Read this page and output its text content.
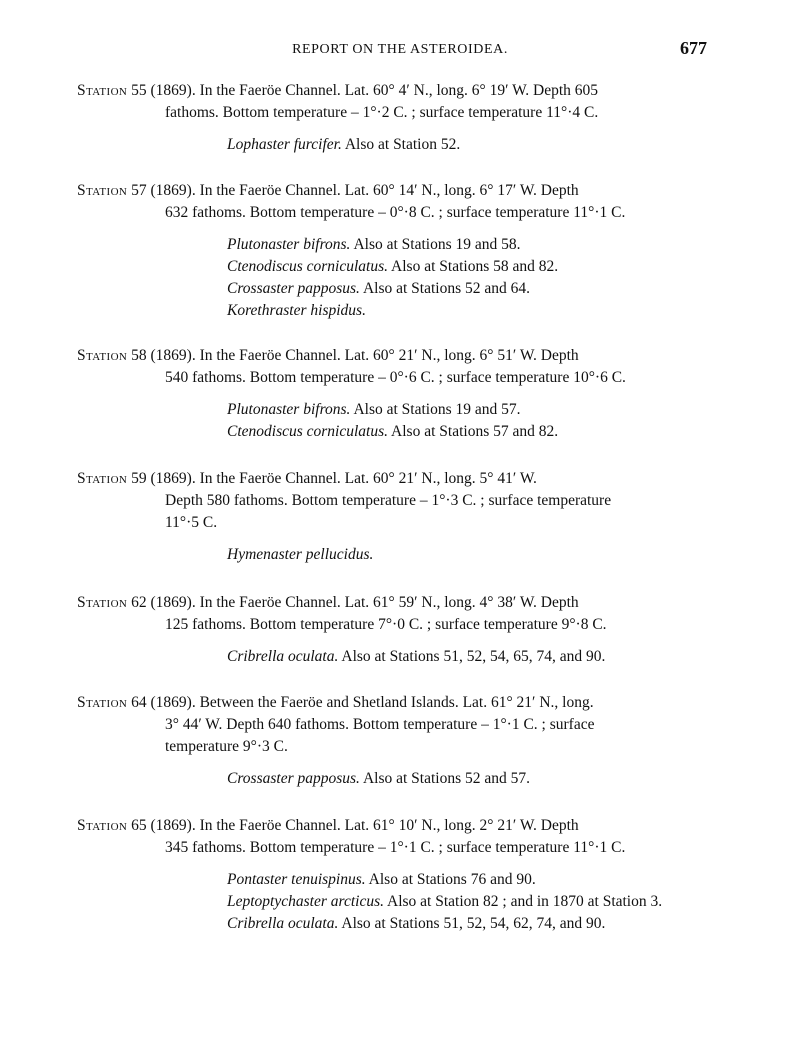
REPORT ON THE ASTEROIDEA.	677

Station 55 (1869). In the Faeröe Channel. Lat. 60° 4′ N., long. 6° 19′ W. Depth 605
fathoms. Bottom temperature – 1°·2 C. ; surface temperature 11°·4 C.

Lophaster furcifer. Also at Station 52.

Station 57 (1869). In the Faeröe Channel. Lat. 60° 14′ N., long. 6° 17′ W. Depth
632 fathoms. Bottom temperature – 0°·8 C. ; surface temperature 11°·1 C.

Plutonaster bifrons. Also at Stations 19 and 58.
Ctenodiscus corniculatus. Also at Stations 58 and 82.
Crossaster papposus. Also at Stations 52 and 64.
Korethraster hispidus.

Station 58 (1869). In the Faeröe Channel. Lat. 60° 21′ N., long. 6° 51′ W. Depth
540 fathoms. Bottom temperature – 0°·6 C. ; surface temperature 10°·6 C.

Plutonaster bifrons. Also at Stations 19 and 57.
Ctenodiscus corniculatus. Also at Stations 57 and 82.

Station 59 (1869). In the Faeröe Channel. Lat. 60° 21′ N., long. 5° 41′ W.
Depth 580 fathoms. Bottom temperature – 1°·3 C. ; surface temperature
11°·5 C.

Hymenaster pellucidus.

Station 62 (1869). In the Faeröe Channel. Lat. 61° 59′ N., long. 4° 38′ W. Depth
125 fathoms. Bottom temperature 7°·0 C. ; surface temperature 9°·8 C.

Cribrella oculata. Also at Stations 51, 52, 54, 65, 74, and 90.

Station 64 (1869). Between the Faeröe and Shetland Islands. Lat. 61° 21′ N., long.
3° 44′ W. Depth 640 fathoms. Bottom temperature – 1°·1 C. ; surface
temperature 9°·3 C.

Crossaster papposus. Also at Stations 52 and 57.

Station 65 (1869). In the Faeröe Channel. Lat. 61° 10′ N., long. 2° 21′ W. Depth
345 fathoms. Bottom temperature – 1°·1 C. ; surface temperature 11°·1 C.

Pontaster tenuispinus. Also at Stations 76 and 90.
Leptoptychaster arcticus. Also at Station 82 ; and in 1870 at Station 3.
Cribrella oculata. Also at Stations 51, 52, 54, 62, 74, and 90.
